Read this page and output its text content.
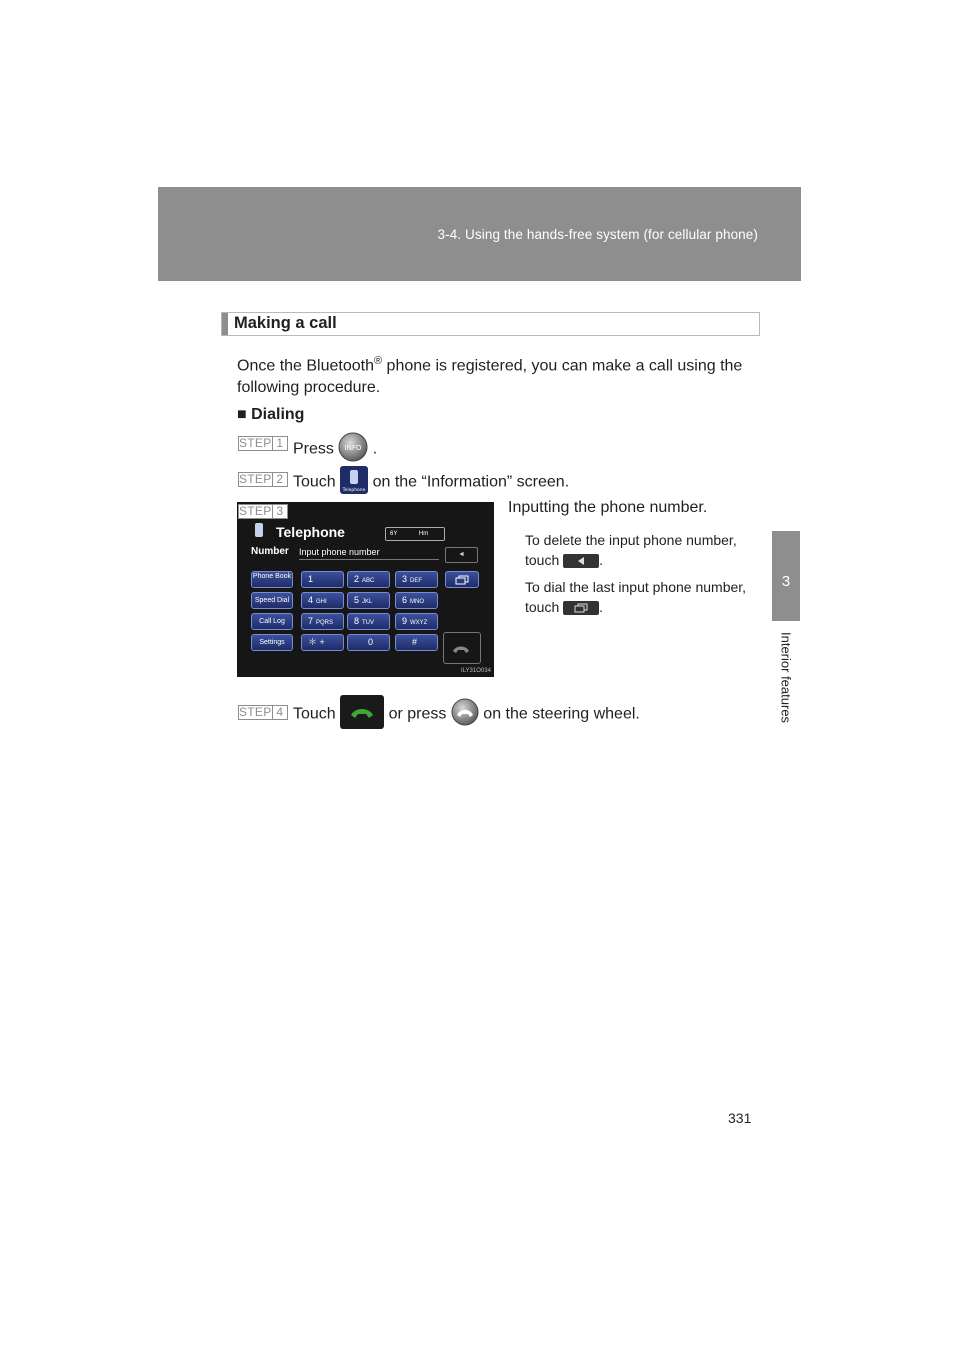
3-4. Using the hands-free system (for cellular phone)
3
Interior features
Making a call
Once the Bluetooth® phone is registered, you can make a call using the following procedure.
■ Dialing
STEP 1 Press INFO .
STEP 2 Touch Telephone on the “Information” screen.
STEP 3	Inputting the phone number.
Telephone	6Y	Hm
Number Input phone number	◄
Phone Book
Speed Dial
Call Log
Settings
1	2 ABC	3 DEF
4 GHI	5 JKL	6 MNO
7 PQRS	8 TUV	9 WXYZ
＊ +	0	#
ILY31O034
To delete the input phone number,
touch	.
To dial the last input phone number,
touch	.
STEP 4 Touch	or press  on the steering wheel.
331
